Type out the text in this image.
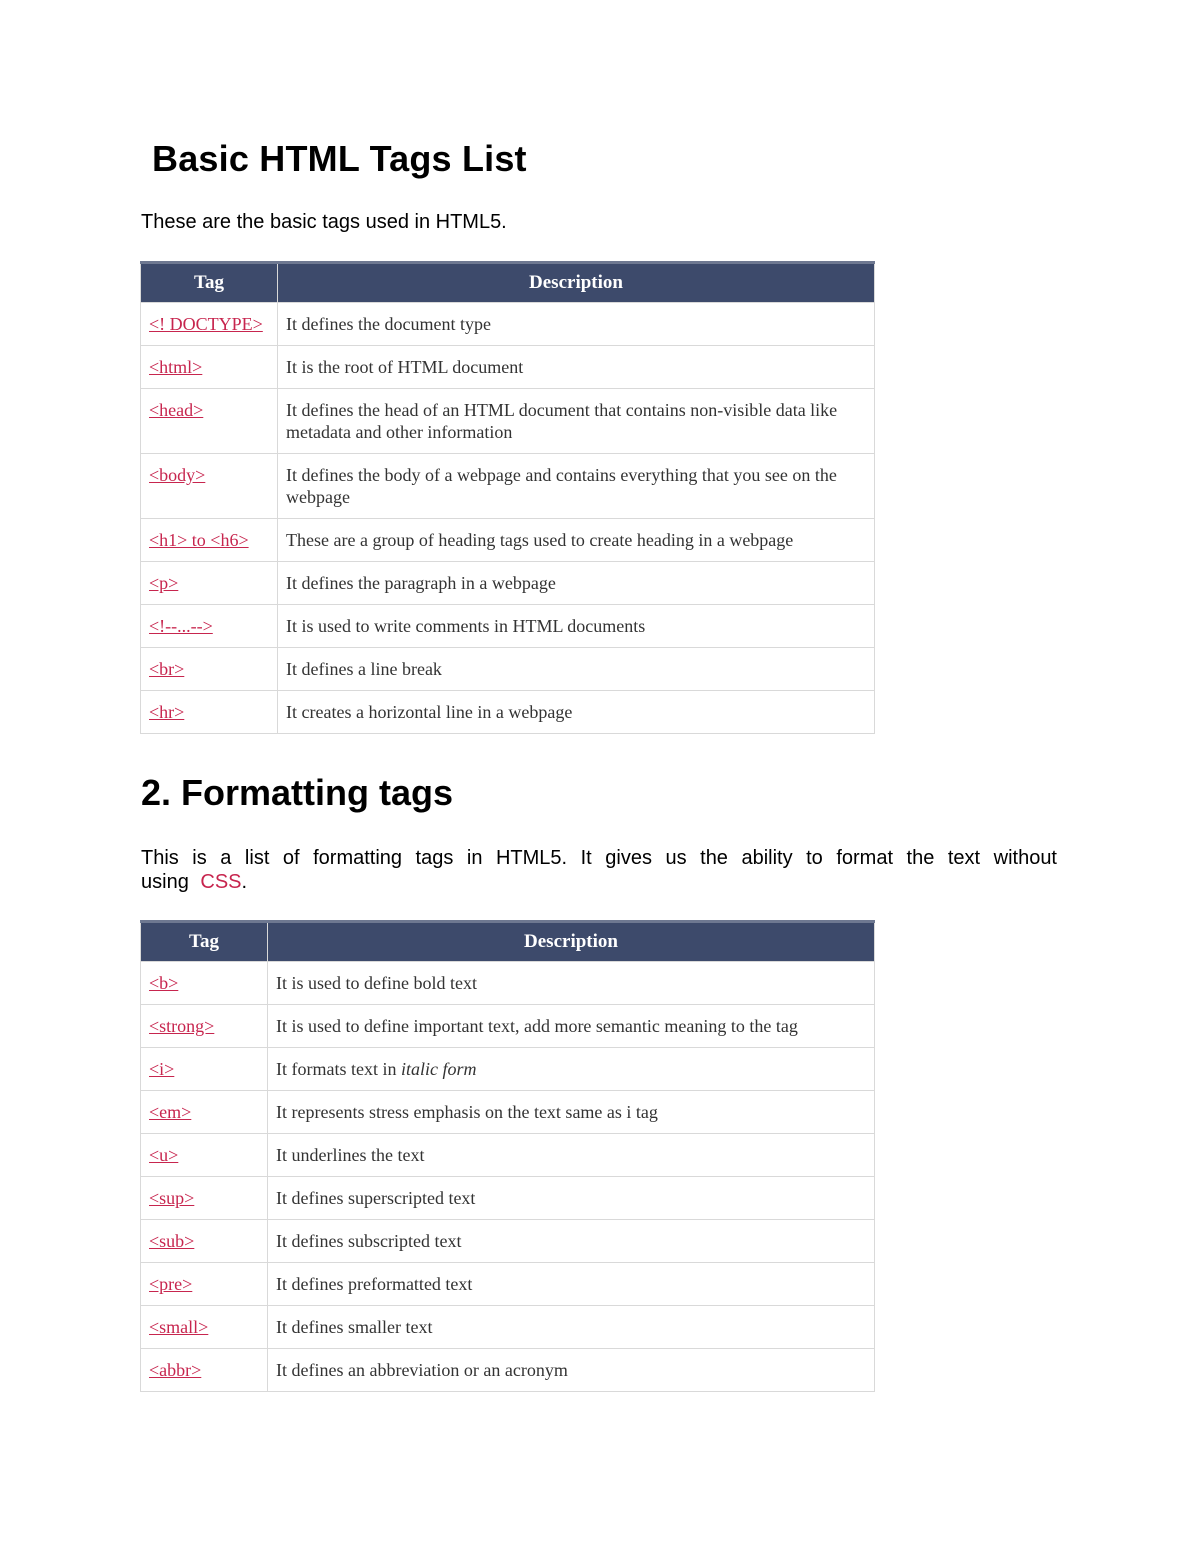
Basic HTML Tags List

These are the basic tags used in HTML5.

Tag	Description
<! DOCTYPE>	It defines the document type
<html>	It is the root of HTML document
<head>	It defines the head of an HTML document that contains non-visible data like metadata and other information
<body>	It defines the body of a webpage and contains everything that you see on the webpage
<h1> to <h6>	These are a group of heading tags used to create heading in a webpage
<p>	It defines the paragraph in a webpage
<!--...-->	It is used to write comments in HTML documents
<br>	It defines a line break
<hr>	It creates a horizontal line in a webpage
2. Formatting tags

This is a list of formatting tags in HTML5. It gives us the ability to format the text without using CSS.

Tag	Description
<b>	It is used to define bold text
<strong>	It is used to define important text, add more semantic meaning to the tag
<i>	It formats text in italic form
<em>	It represents stress emphasis on the text same as i tag
<u>	It underlines the text
<sup>	It defines superscripted text
<sub>	It defines subscripted text
<pre>	It defines preformatted text
<small>	It defines smaller text
<abbr>	It defines an abbreviation or an acronym
